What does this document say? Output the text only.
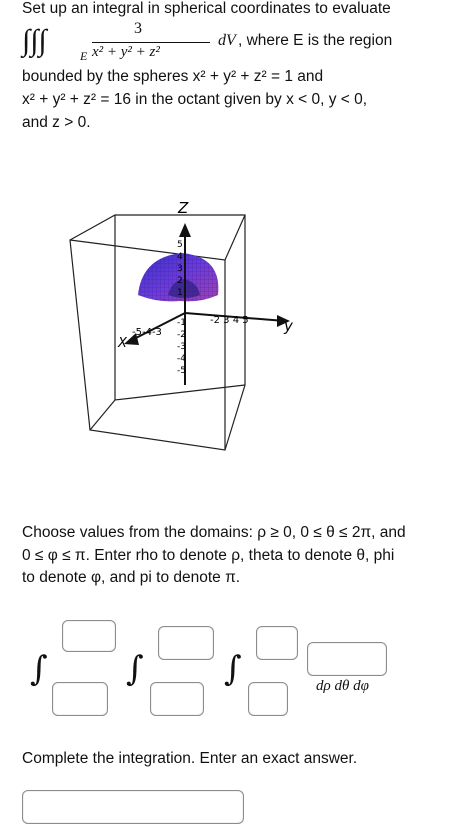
Set up an integral in spherical coordinates to evaluate
∫∫∫	E
3
x² + y² + z²
dV , where E is the region
bounded by the spheres x² + y² + z² = 1 and
x² + y² + z² = 16 in the octant given by x < 0, y < 0,
and z > 0.
Z
X
y
-5-4-3
-2 3 4 5
5
4
3
2
1
-1
-2
-3
-4
-5
Choose values from the domains: ρ ≥ 0, 0 ≤ θ ≤ 2π, and
0 ≤ φ ≤ π. Enter rho to denote ρ, theta to denote θ, phi
to denote φ, and pi to denote π.
∫ ∫ ∫	dρ dθ dφ
Complete the integration. Enter an exact answer.
